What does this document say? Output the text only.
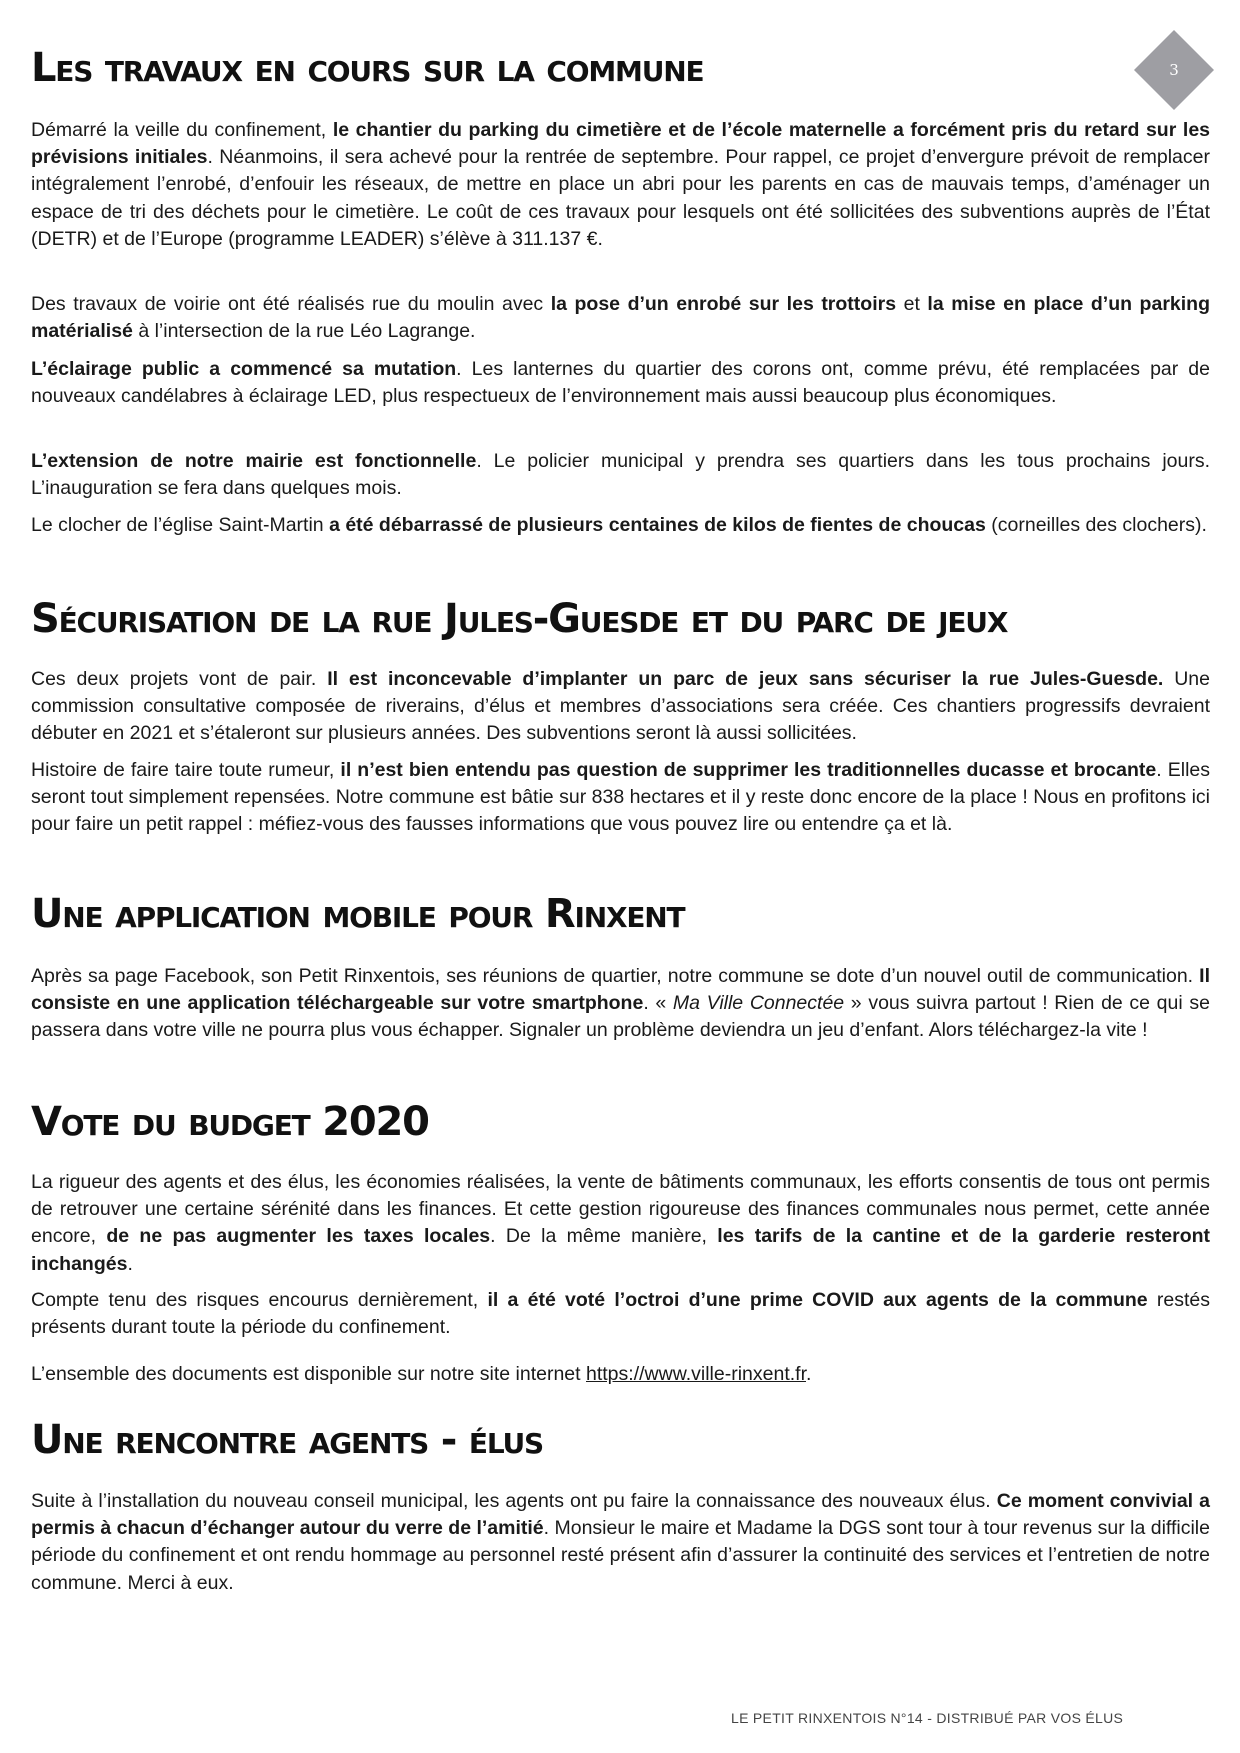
3
Les travaux en cours sur la commune

Démarré la veille du confinement, le chantier du parking du cimetière et de l’école maternelle a forcément pris du retard sur les prévisions initiales. Néanmoins, il sera achevé pour la rentrée de septembre. Pour rappel, ce projet d’envergure prévoit de remplacer intégralement l’enrobé, d’enfouir les réseaux, de mettre en place un abri pour les parents en cas de mauvais temps, d’aménager un espace de tri des déchets pour le cimetière. Le coût de ces travaux pour lesquels ont été sollicitées des subventions auprès de l’État (DETR) et de l’Europe (programme LEADER) s’élève à 311.137 €.

Des travaux de voirie ont été réalisés rue du moulin avec la pose d’un enrobé sur les trottoirs et la mise en place d’un parking matérialisé à l’intersection de la rue Léo Lagrange.

L’éclairage public a commencé sa mutation. Les lanternes du quartier des corons ont, comme prévu, été remplacées par de nouveaux candélabres à éclairage LED, plus respectueux de l’environnement mais aussi beaucoup plus économiques.

L’extension de notre mairie est fonctionnelle. Le policier municipal y prendra ses quartiers dans les tous prochains jours. L’inauguration se fera dans quelques mois.

Le clocher de l’église Saint-Martin a été débarrassé de plusieurs centaines de kilos de fientes de choucas (corneilles des clochers).

Sécurisation de la rue Jules-Guesde et du parc de jeux

Ces deux projets vont de pair. Il est inconcevable d’implanter un parc de jeux sans sécuriser la rue Jules-Guesde. Une commission consultative composée de riverains, d’élus et membres d’associations sera créée. Ces chantiers progressifs devraient débuter en 2021 et s’étaleront sur plusieurs années. Des subventions seront là aussi sollicitées.

Histoire de faire taire toute rumeur, il n’est bien entendu pas question de supprimer les traditionnelles ducasse et brocante. Elles seront tout simplement repensées. Notre commune est bâtie sur 838 hectares et il y reste donc encore de la place ! Nous en profitons ici pour faire un petit rappel : méfiez-vous des fausses informations que vous pouvez lire ou entendre ça et là.

Une application mobile pour Rinxent

Après sa page Facebook, son Petit Rinxentois, ses réunions de quartier, notre commune se dote d’un nouvel outil de communication. Il consiste en une application téléchargeable sur votre smartphone. « Ma Ville Connectée » vous suivra partout ! Rien de ce qui se passera dans votre ville ne pourra plus vous échapper. Signaler un problème deviendra un jeu d’enfant. Alors téléchargez-la vite !

Vote du budget 2020

La rigueur des agents et des élus, les économies réalisées, la vente de bâtiments communaux, les efforts consentis de tous ont permis de retrouver une certaine sérénité dans les finances. Et cette gestion rigoureuse des finances communales nous permet, cette année encore, de ne pas augmenter les taxes locales. De la même manière, les tarifs de la cantine et de la garderie resteront inchangés.

Compte tenu des risques encourus dernièrement, il a été voté l’octroi d’une prime COVID aux agents de la commune restés présents durant toute la période du confinement.

L’ensemble des documents est disponible sur notre site internet https://www.ville-rinxent.fr.

Une rencontre agents - élus

Suite à l’installation du nouveau conseil municipal, les agents ont pu faire la connaissance des nouveaux élus. Ce moment convivial a permis à chacun d’échanger autour du verre de l’amitié. Monsieur le maire et Madame la DGS sont tour à tour revenus sur la difficile période du confinement et ont rendu hommage au personnel resté présent afin d’assurer la continuité des services et l’entretien de notre commune. Merci à eux.

LE PETIT RINXENTOIS N°14 - DISTRIBUÉ PAR VOS ÉLUS
